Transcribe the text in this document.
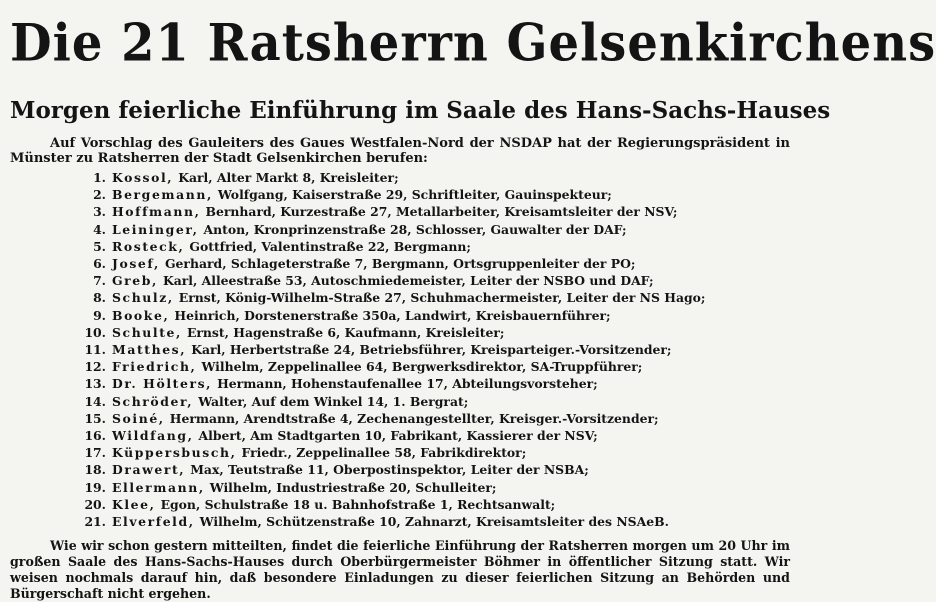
Die 21 Ratsherrn Gelsenkirchens
Morgen feierliche Einführung im Saale des Hans-Sachs-Hauses

Auf Vorschlag des Gauleiters des Gaues Westfalen-Nord der NSDAP hat der Regierungspräsident in Münster zu Ratsherren der Stadt Gelsenkirchen berufen:

1. Kossol, Karl, Alter Markt 8, Kreisleiter;
2. Bergemann, Wolfgang, Kaiserstraße 29, Schriftleiter, Gauinspekteur;
3. Hoffmann, Bernhard, Kurzestraße 27, Metallarbeiter, Kreisamtsleiter der NSV;
4. Leininger, Anton, Kronprinzenstraße 28, Schlosser, Gauwalter der DAF;
5. Rosteck, Gottfried, Valentinstraße 22, Bergmann;
6. Josef, Gerhard, Schlageterstraße 7, Bergmann, Ortsgruppenleiter der PO;
7. Greb, Karl, Alleestraße 53, Autoschmiedemeister, Leiter der NSBO und DAF;
8. Schulz, Ernst, König-Wilhelm-Straße 27, Schuhmachermeister, Leiter der NS Hago;
9. Booke, Heinrich, Dorstenerstraße 350a, Landwirt, Kreisbauernführer;
10. Schulte, Ernst, Hagenstraße 6, Kaufmann, Kreisleiter;
11. Matthes, Karl, Herbertstraße 24, Betriebsführer, Kreisparteiger.-Vorsitzender;
12. Friedrich, Wilhelm, Zeppelinallee 64, Bergwerksdirektor, SA-Truppführer;
13. Dr. Hölters, Hermann, Hohenstaufenallee 17, Abteilungsvorsteher;
14. Schröder, Walter, Auf dem Winkel 14, 1. Bergrat;
15. Soiné, Hermann, Arendtstraße 4, Zechenangestellter, Kreisger.-Vorsitzender;
16. Wildfang, Albert, Am Stadtgarten 10, Fabrikant, Kassierer der NSV;
17. Küppersbusch, Friedr., Zeppelinallee 58, Fabrikdirektor;
18. Drawert, Max, Teutstraße 11, Oberpostinspektor, Leiter der NSBA;
19. Ellermann, Wilhelm, Industriestraße 20, Schulleiter;
20. Klee, Egon, Schulstraße 18 u. Bahnhofstraße 1, Rechtsanwalt;
21. Elverfeld, Wilhelm, Schützenstraße 10, Zahnarzt, Kreisamtsleiter des NSAeB.

Wie wir schon gestern mitteilten, findet die feierliche Einführung der Ratsherren morgen um 20 Uhr im großen Saale des Hans-Sachs-Hauses durch Oberbürgermeister Böhmer in öffentlicher Sitzung statt. Wir weisen nochmals darauf hin, daß besondere Einladungen zu dieser feierlichen Sitzung an Behörden und Bürgerschaft nicht ergehen.
